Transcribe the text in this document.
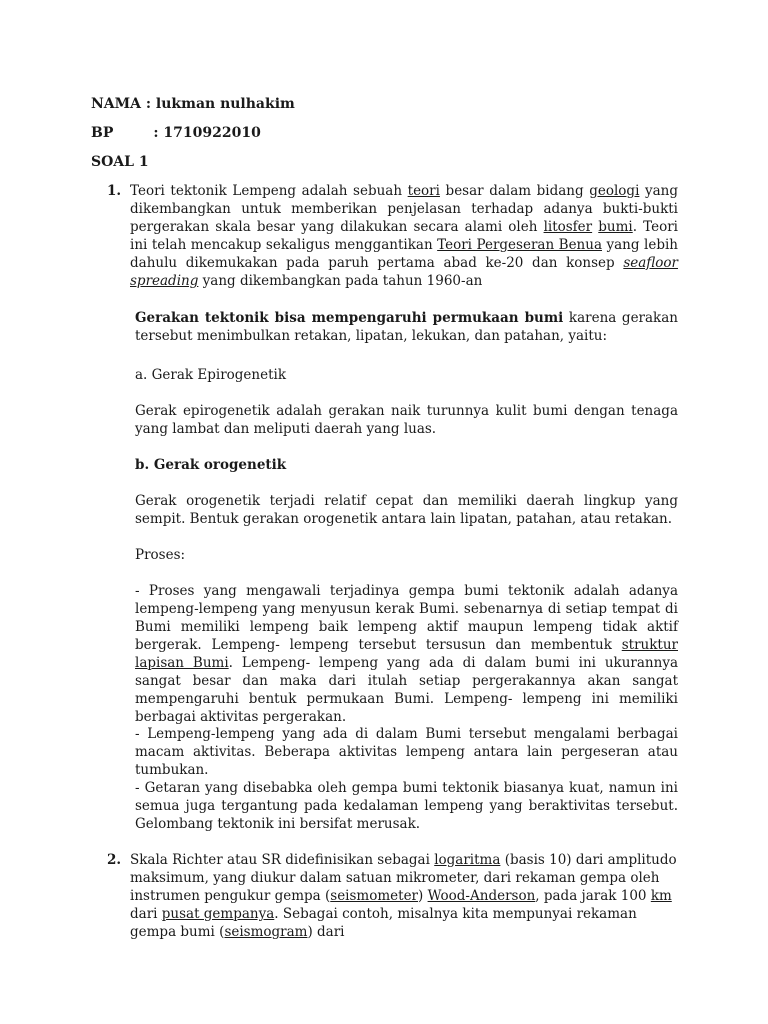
NAMA : lukman nulhakim
BP	: 1710922010
SOAL 1
1. Teori tektonik Lempeng adalah sebuah teori besar dalam bidang geologi yang dikembangkan untuk memberikan penjelasan terhadap adanya bukti-bukti pergerakan skala besar yang dilakukan secara alami oleh litosfer bumi. Teori ini telah mencakup sekaligus menggantikan Teori Pergeseran Benua yang lebih dahulu dikemukakan pada paruh pertama abad ke-20 dan konsep seafloor spreading yang dikembangkan pada tahun 1960-an
Gerakan tektonik bisa mempengaruhi permukaan bumi karena gerakan tersebut menimbulkan retakan, lipatan, lekukan, dan patahan, yaitu:
a. Gerak Epirogenetik
Gerak epirogenetik adalah gerakan naik turunnya kulit bumi dengan tenaga yang lambat dan meliputi daerah yang luas.
b. Gerak orogenetik
Gerak orogenetik terjadi relatif cepat dan memiliki daerah lingkup yang sempit. Bentuk gerakan orogenetik antara lain lipatan, patahan, atau retakan.
Proses:
- Proses yang mengawali terjadinya gempa bumi tektonik adalah adanya lempeng-lempeng yang menyusun kerak Bumi. sebenarnya di setiap tempat di Bumi memiliki lempeng baik lempeng aktif maupun lempeng tidak aktif bergerak. Lempeng- lempeng tersebut tersusun dan membentuk struktur lapisan Bumi. Lempeng- lempeng yang ada di dalam bumi ini ukurannya sangat besar dan maka dari itulah setiap pergerakannya akan sangat mempengaruhi bentuk permukaan Bumi. Lempeng- lempeng ini memiliki berbagai aktivitas pergerakan.
- Lempeng-lempeng yang ada di dalam Bumi tersebut mengalami berbagai macam aktivitas. Beberapa aktivitas lempeng antara lain pergeseran atau tumbukan.
- Getaran yang disebabka oleh gempa bumi tektonik biasanya kuat, namun ini semua juga tergantung pada kedalaman lempeng yang beraktivitas tersebut. Gelombang tektonik ini bersifat merusak.
2. Skala Richter atau SR didefinisikan sebagai logaritma (basis 10) dari amplitudo maksimum, yang diukur dalam satuan mikrometer, dari rekaman gempa oleh instrumen pengukur gempa (seismometer) Wood-Anderson, pada jarak 100 km dari pusat gempanya. Sebagai contoh, misalnya kita mempunyai rekaman gempa bumi (seismogram) dari
